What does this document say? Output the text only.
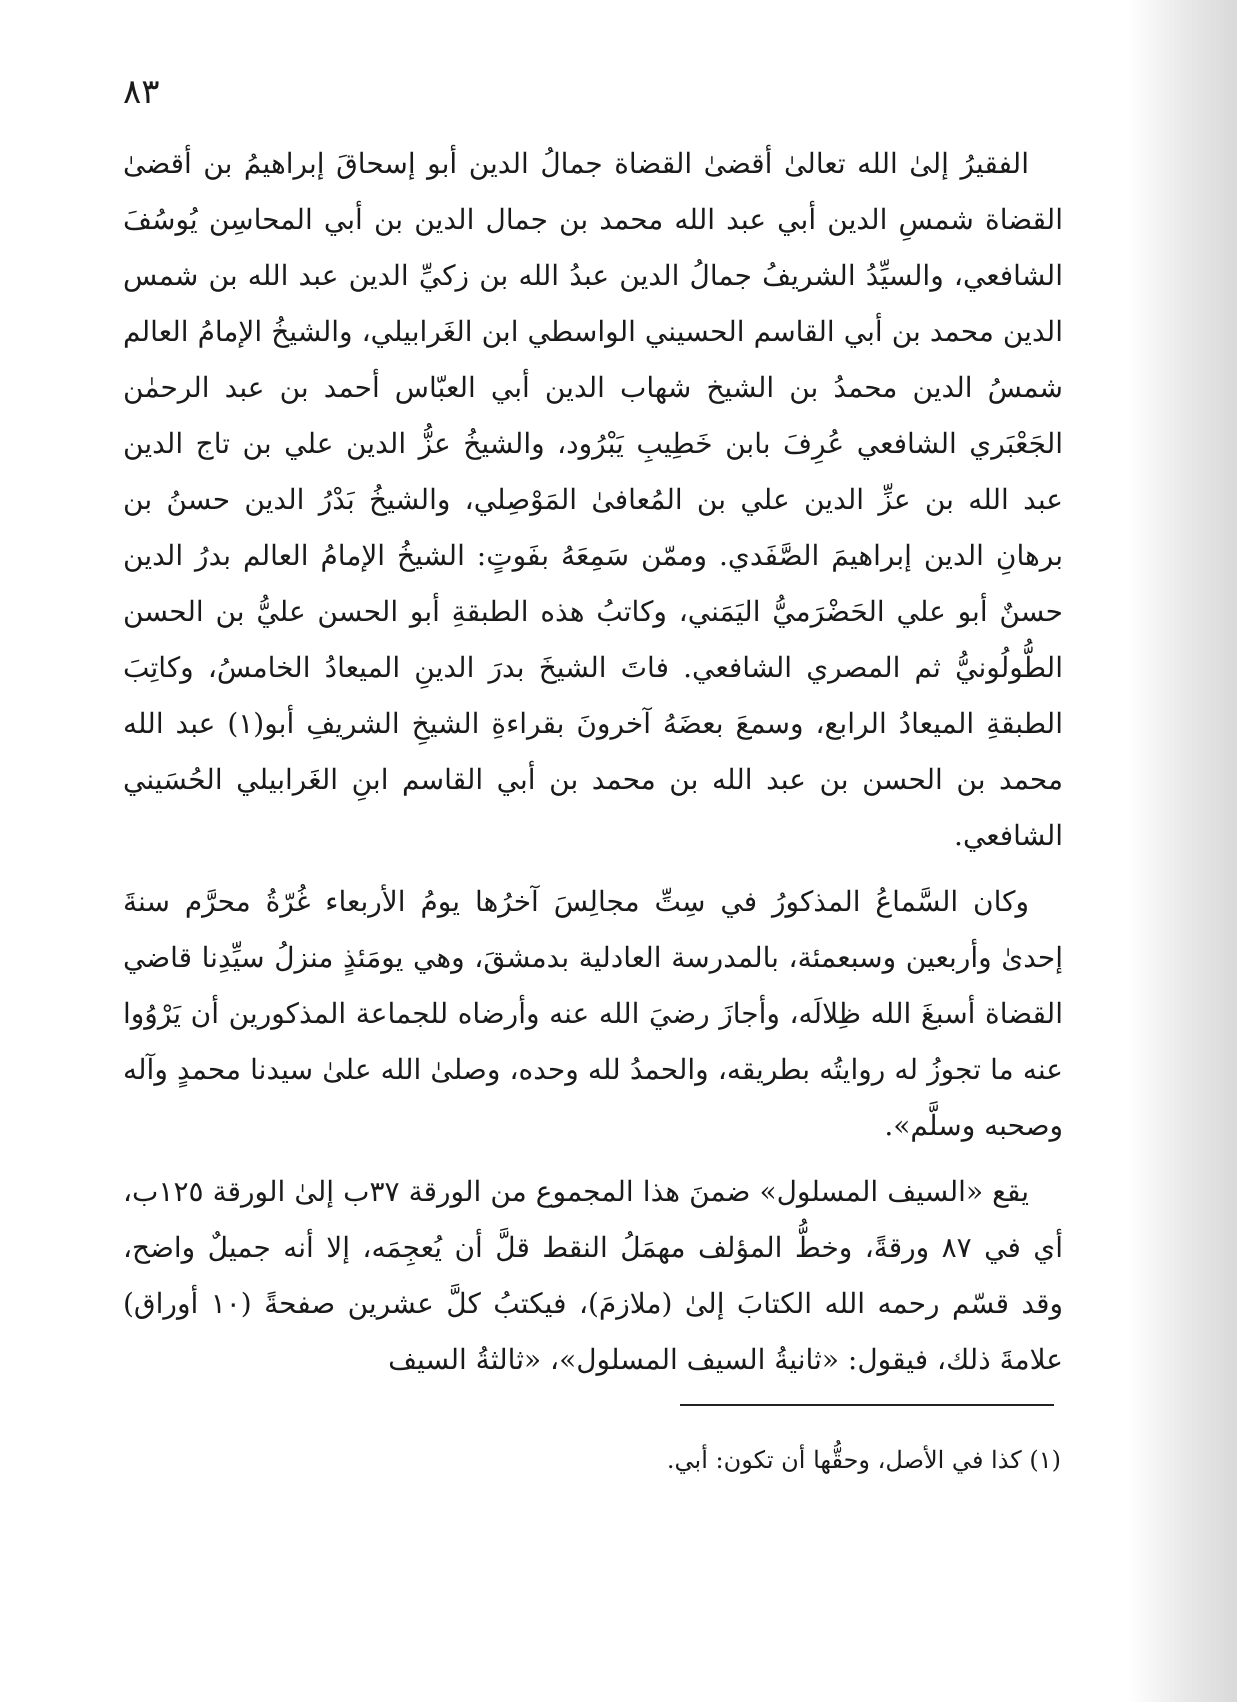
٨٣

الفقيرُ إلىٰ الله تعالىٰ أقضىٰ القضاة جمالُ الدين أبو إسحاقَ إبراهيمُ بن أقضىٰ القضاة شمسِ الدين أبي عبد الله محمد بن جمال الدين بن أبي المحاسِن يُوسُفَ الشافعي، والسيِّدُ الشريفُ جمالُ الدين عبدُ الله بن زكيِّ الدين عبد الله بن شمس الدين محمد بن أبي القاسم الحسيني الواسطي ابن الغَرابيلي، والشيخُ الإمامُ العالم شمسُ الدين محمدُ بن الشيخ شهاب الدين أبي العبّاس أحمد بن عبد الرحمٰن الجَعْبَري الشافعي عُرِفَ بابن خَطِيبِ يَبْرُود، والشيخُ عزُّ الدين علي بن تاج الدين عبد الله بن عزِّ الدين علي بن المُعافىٰ المَوْصِلي، والشيخُ بَدْرُ الدين حسنُ بن برهانِ الدين إبراهيمَ الصَّفَدي. وممّن سَمِعَهُ بفَوتٍ: الشيخُ الإمامُ العالم بدرُ الدين حسنٌ أبو علي الحَضْرَميُّ اليَمَني، وكاتبُ هذه الطبقةِ أبو الحسن عليُّ بن الحسن الطُّولُونيُّ ثم المصري الشافعي. فاتَ الشيخَ بدرَ الدينِ الميعادُ الخامسُ، وكاتِبَ الطبقةِ الميعادُ الرابع، وسمعَ بعضَهُ آخرونَ بقراءةِ الشيخِ الشريفِ أبو(١) عبد الله محمد بن الحسن بن عبد الله بن محمد بن أبي القاسم ابنِ الغَرابيلي الحُسَيني الشافعي.

وكان السَّماعُ المذكورُ في سِتِّ مجالِسَ آخرُها يومُ الأربعاء غُرّةُ محرَّم سنةَ إحدىٰ وأربعين وسبعمئة، بالمدرسة العادلية بدمشقَ، وهي يومَئذٍ منزلُ سيِّدِنا قاضي القضاة أسبغَ الله ظِلالَه، وأجازَ رضيَ الله عنه وأرضاه للجماعة المذكورين أن يَرْوُوا عنه ما تجوزُ له روايتُه بطريقه، والحمدُ لله وحده، وصلىٰ الله علىٰ سيدنا محمدٍ وآله وصحبه وسلَّم».

يقع «السيف المسلول» ضمنَ هذا المجموع من الورقة ٣٧ب إلىٰ الورقة ١٢٥ب، أي في ٨٧ ورقةً، وخطُّ المؤلف مهمَلُ النقط قلَّ أن يُعجِمَه، إلا أنه جميلٌ واضح، وقد قسّم رحمه الله الكتابَ إلىٰ (ملازمَ)، فيكتبُ كلَّ عشرين صفحةً (١٠ أوراق) علامةَ ذلك، فيقول: «ثانيةُ السيف المسلول»، «ثالثةُ السيف

(١) كذا في الأصل، وحقُّها أن تكون: أبي.
